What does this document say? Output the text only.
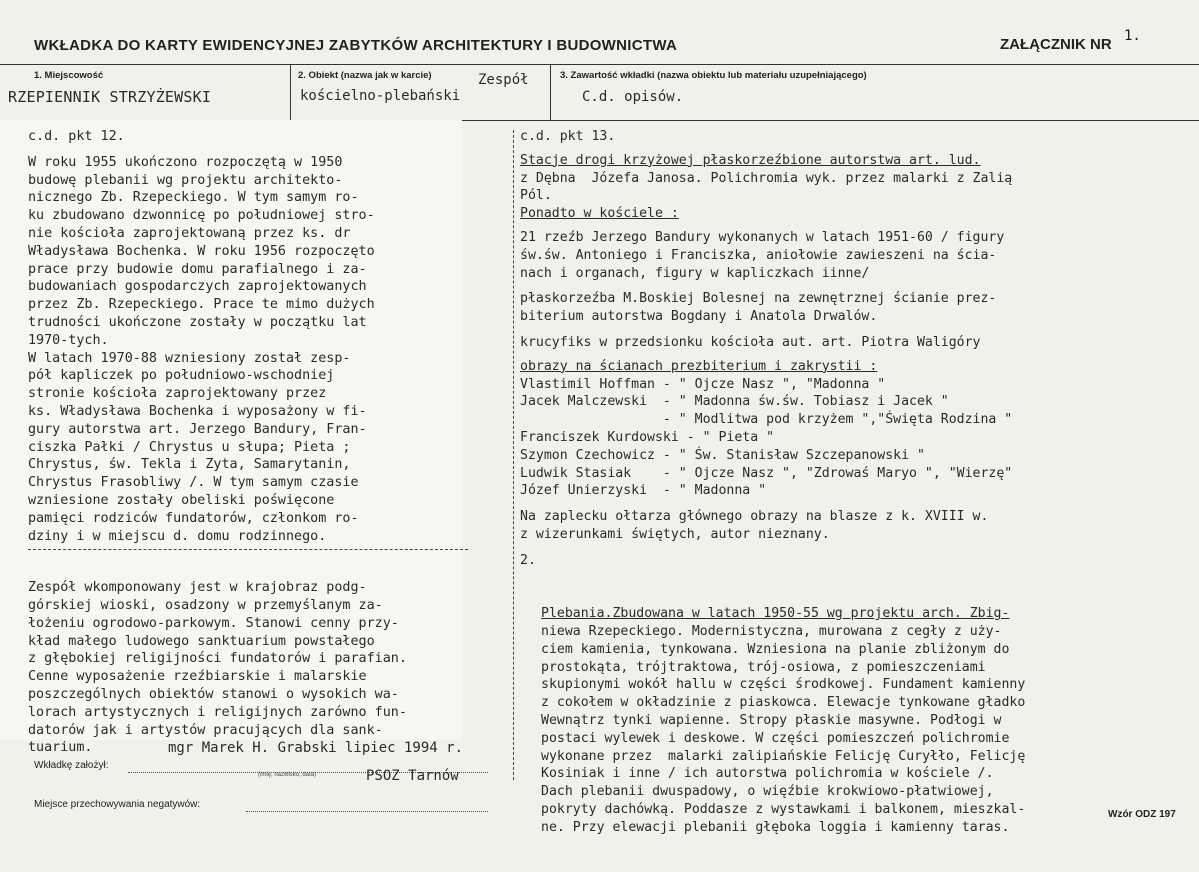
WKŁADKA DO KARTY EWIDENCYJNEJ ZABYTKÓW ARCHITEKTURY I BUDOWNICTWA	ZAŁĄCZNIK NR 1.
1. Miejscowość
RZEPIENNIK STRZYŻEWSKI
2. Obiekt (nazwa jak w karcie)	Zespół
kościelno-plebański
3. Zawartość wkładki (nazwa obiektu lub materiału uzupełniającego)
C.d. opisów.
c.d. pkt 12.
W roku 1955 ukończono rozpoczętą w 1950
budowę plebanii wg projektu architekto-
nicznego Zb. Rzepeckiego. W tym samym ro-
ku zbudowano dzwonnicę po południowej stro-
nie kościoła zaprojektowaną przez ks. dr
Władysława Bochenka. W roku 1956 rozpoczęto
prace przy budowie domu parafialnego i za-
budowaniach gospodarczych zaprojektowanych
przez Zb. Rzepeckiego. Prace te mimo dużych
trudności ukończone zostały w początku lat
1970-tych.
W latach 1970-88 wzniesiony został zesp-
pół kapliczek po południowo-wschodniej
stronie kościoła zaprojektowany przez
ks. Władysława Bochenka i wyposażony w fi-
gury autorstwa art. Jerzego Bandury, Fran-
ciszka Pałki / Chrystus u słupa; Pieta ;
Chrystus, św. Tekla i Zyta, Samarytanin,
Chrystus Frasobliwy /. W tym samym czasie
wzniesione zostały obeliski poświęcone
pamięci rodziców fundatorów, członkom ro-
dziny i w miejscu d. domu rodzinnego.
Zespół wkomponowany jest w krajobraz podg-
górskiej wioski, osadzony w przemyślanym za-
łożeniu ogrodowo-parkowym. Stanowi cenny przy-
kład małego ludowego sanktuarium powstałego
z głębokiej religijności fundatorów i parafian.
Cenne wyposażenie rzeźbiarskie i malarskie
poszczególnych obiektów stanowi o wysokich wa-
lorach artystycznych i religijnych zarówno fun-
datorów jak i artystów pracujących dla sank-
tuarium.
c.d. pkt 13.
Stacje drogi krzyżowej płaskorzeźbione autorstwa art. lud.
z Dębna  Józefa Janosa. Polichromia wyk. przez malarki z Zalią
Pól.
Ponadto w kościele :
21 rzeźb Jerzego Bandury wykonanych w latach 1951-60 / figury
św.św. Antoniego i Franciszka, aniołowie zawieszeni na ścia-
nach i organach, figury w kapliczkach iinne/
płaskorzeźba M.Boskiej Bolesnej na zewnętrznej ścianie prez-
biterium autorstwa Bogdany i Anatola Drwalów.
krucyfiks w przedsionku kościoła aut. art. Piotra Waligóry
obrazy na ścianach prezbiterium i zakrystii :
Vlastimil Hoffman - " Ojcze Nasz ", "Madonna "
Jacek Malczewski  - " Madonna św.św. Tobiasz i Jacek "
- " Modlitwa pod krzyżem ","Święta Rodzina "
Franciszek Kurdowski - " Pieta "
Szymon Czechowicz - " Św. Stanisław Szczepanowski "
Ludwik Stasiak    - " Ojcze Nasz ", "Zdrowaś Maryo ", "Wierzę"
Józef Unierzyski  - " Madonna "
Na zaplecku ołtarza głównego obrazy na blasze z k. XVIII w.
z wizerunkami świętych, autor nieznany.

2.

Plebania.Zbudowana w latach 1950-55 wg projektu arch. Zbig-
niewa Rzepeckiego. Modernistyczna, murowana z cegły z uży-
ciem kamienia, tynkowana. Wzniesiona na planie zbliżonym do
prostokąta, trójtraktowa, trój-osiowa, z pomieszczeniami
skupionymi wokół hallu w części środkowej. Fundament kamienny
z cokołem w okładzinie z piaskowca. Elewacje tynkowane gładko
Wewnątrz tynki wapienne. Stropy płaskie masywne. Podłogi w
postaci wylewek i deskowe. W części pomieszczeń polichromie
wykonane przez  malarki zalipiańskie Felicję Curyłło, Felicję
Kosiniak i inne / ich autorstwa polichromia w kościele /.
Dach plebanii dwuspadowy, o więźbie krokwiowo-płatwiowej,
pokryty dachówką. Poddasze z wystawkami i balkonem, mieszkal-
ne. Przy elewacji plebanii głęboka loggia i kamienny taras.

Wkładkę założył:
mgr Marek H. Grabski lipiec 1994 r.
(imię, nazwisko, data)	PSOZ Tarnów
Miejsce przechowywania negatywów:
Wzór ODZ 197
